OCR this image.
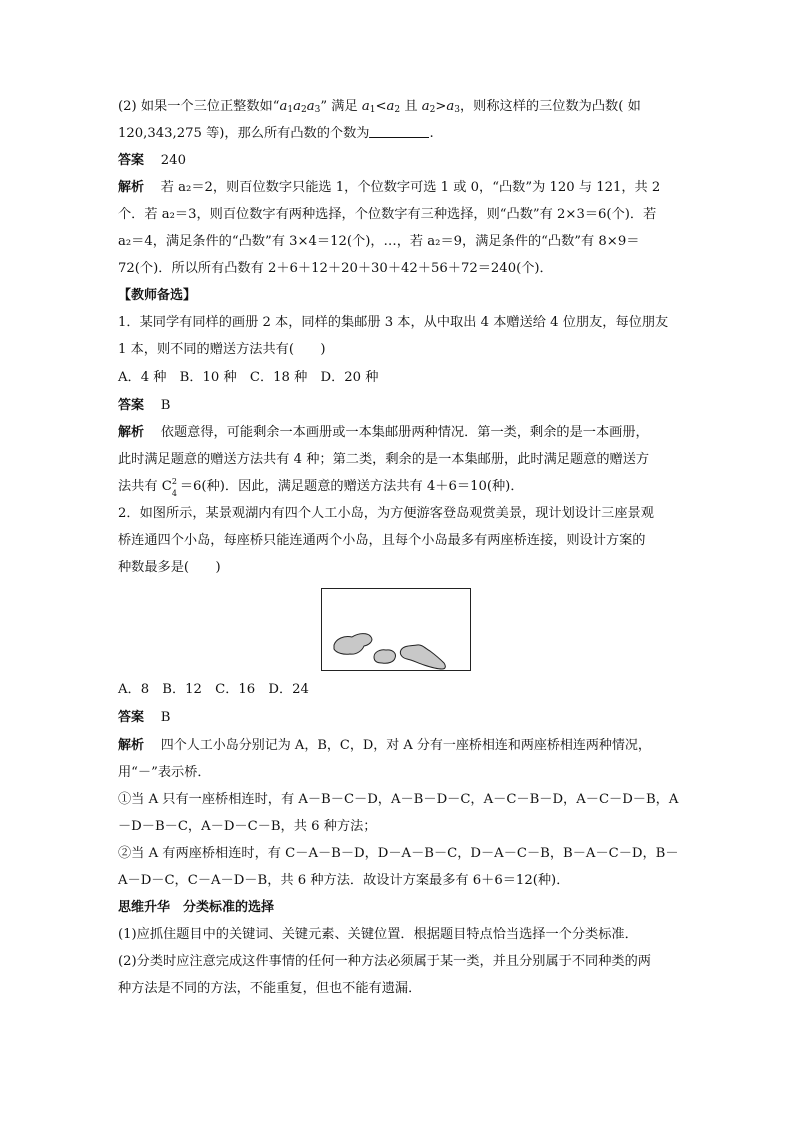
(2) 如果一个三位正整数如“$a_1a_2a_3$” 满足 $a_1<a_2$ 且 $a_2>a_3$，则称这样的三位数为凸数( 如
120,343,275 等)，那么所有凸数的个数为	.
答案 240
解析 若 a₂＝2，则百位数字只能选 1，个位数字可选 1 或 0，“凸数”为 120 与 121，共 2
个．若 a₂＝3，则百位数字有两种选择，个位数字有三种选择，则“凸数”有 2×3＝6(个)．若
a₂＝4，满足条件的“凸数”有 3×4＝12(个)，…，若 a₂＝9，满足条件的“凸数”有 8×9＝
72(个)．所以所有凸数有 2＋6＋12＋20＋30＋42＋56＋72＝240(个)．
【教师备选】
1．某同学有同样的画册 2 本，同样的集邮册 3 本，从中取出 4 本赠送给 4 位朋友，每位朋友
1 本，则不同的赠送方法共有(　　)
A．4 种　B．10 种　C．18 种　D．20 种
答案 B
解析 依题意得，可能剩余一本画册或一本集邮册两种情况．第一类，剩余的是一本画册，
此时满足题意的赠送方法共有 4 种；第二类，剩余的是一本集邮册，此时满足题意的赠送方
法共有 C 2
4 ＝6(种)．因此，满足题意的赠送方法共有 4＋6＝10(种)．
2．如图所示，某景观湖内有四个人工小岛，为方便游客登岛观赏美景，现计划设计三座景观
桥连通四个小岛，每座桥只能连通两个小岛，且每个小岛最多有两座桥连接，则设计方案的
种数最多是(　　)
A．8　B．12　C．16　D．24
答案 B
解析 四个人工小岛分别记为 A，B，C，D，对 A 分有一座桥相连和两座桥相连两种情况，
用“－”表示桥．
①当 A 只有一座桥相连时，有 A－B－C－D，A－B－D－C，A－C－B－D，A－C－D－B，A
－D－B－C，A－D－C－B，共 6 种方法；
②当 A 有两座桥相连时，有 C－A－B－D，D－A－B－C，D－A－C－B，B－A－C－D，B－
A－D－C，C－A－D－B，共 6 种方法．故设计方案最多有 6＋6＝12(种)．
思维升华　分类标准的选择
(1)应抓住题目中的关键词、关键元素、关键位置．根据题目特点恰当选择一个分类标准．
(2)分类时应注意完成这件事情的任何一种方法必须属于某一类，并且分别属于不同种类的两
种方法是不同的方法，不能重复，但也不能有遗漏．
